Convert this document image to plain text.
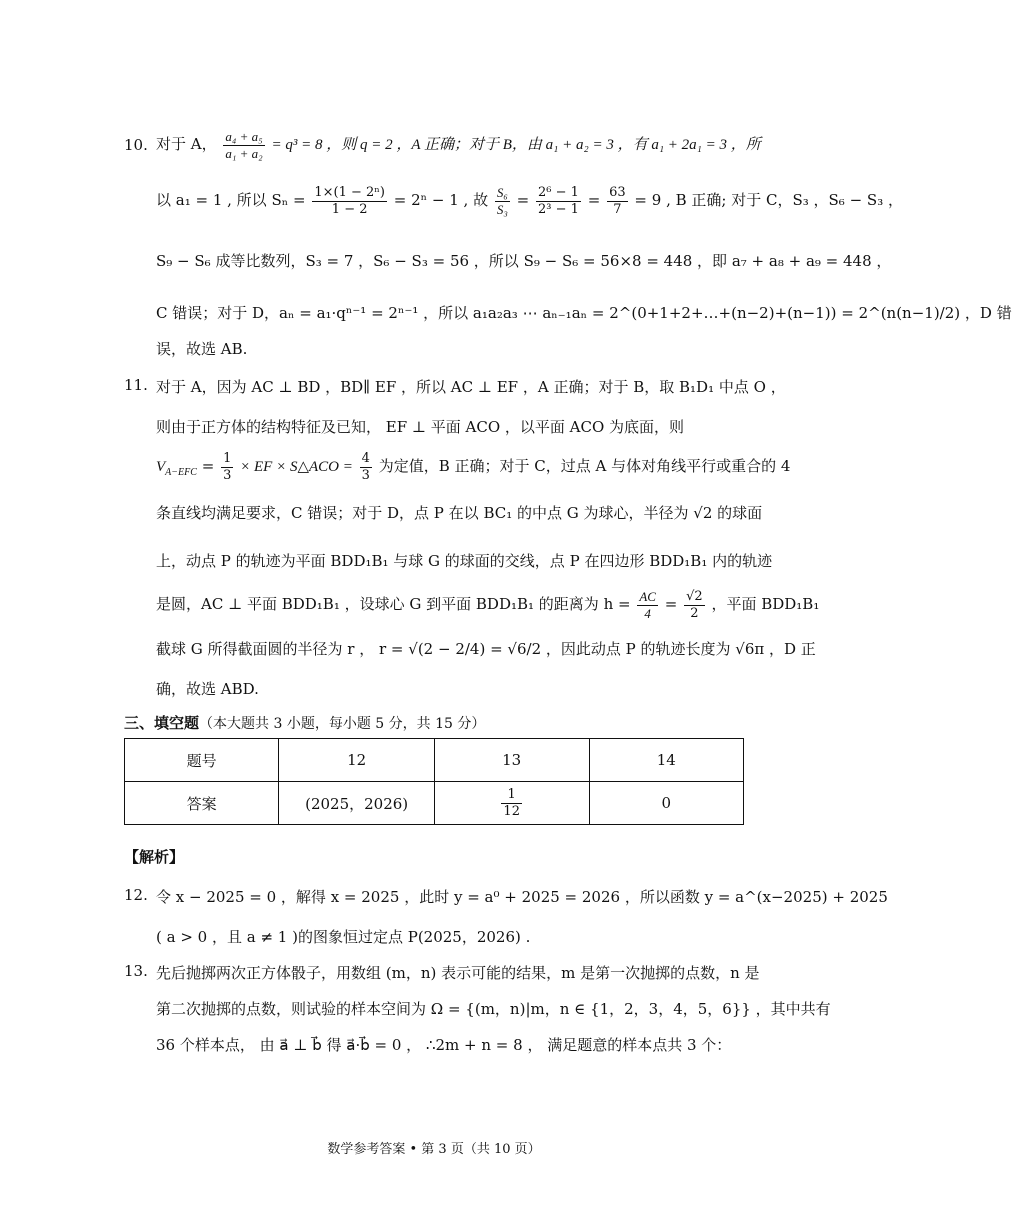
10. 对于 A， $\frac{\text{a₄ + a₅}}{\text{a₁ + a₂}} = q^3 = 8$ ，则 q = 2 ，A 正确；对于 B，由 a₁ + a₂ = 3 ，有 a₁ + 2a₁ = 3 ，所
以 a₁ = 1 , 所以 $S_n = \frac{\text{1×(1 − 2ⁿ)}}{1 - 2} = 2^n - 1$ , 故 $\frac{\text{S₆}}{\text{S₃}} = \frac{\text{2⁶ − 1}}{\text{2³ − 1}} = \frac{63}{7} = 9$ , B 正确; 对于 C，S₃ ，S₆ − S₃ ，
S₉ − S₆ 成等比数列，S₃ = 7 ，S₆ − S₃ = 56 ，所以 S₉ − S₆ = 56×8 = 448 ，即 a₇ + a₈ + a₉ = 448 ，
C 错误；对于 D，aₙ = a₁·qⁿ⁻¹ = 2ⁿ⁻¹ ，所以 a₁a₂a₃ ⋯ aₙ₋₁aₙ = 2^(0+1+2+…+(n−2)+(n−1)) = 2^(n(n−1)/2) ，D 错
误，故选 AB.
11. 对于 A，因为 AC ⊥ BD ，BD∥ EF ，所以 AC ⊥ EF ，A 正确；对于 B，取 B₁D₁ 中点 O ，
则由于正方体的结构特征及已知， EF ⊥ 平面 ACO ，以平面 ACO 为底面，则
$V_{A-EFC} = \frac{1}{3}$ × EF × S△ACO = $\frac{4}{3}$ 为定值，B 正确；对于 C，过点 A 与体对角线平行或重合的 4
条直线均满足要求，C 错误；对于 D，点 P 在以 BC₁ 的中点 G 为球心，半径为 √2 的球面
上，动点 P 的轨迹为平面 BDD₁B₁ 与球 G 的球面的交线，点 P 在四边形 BDD₁B₁ 内的轨迹
是圆，AC ⊥ 平面 BDD₁B₁ ，设球心 G 到平面 BDD₁B₁ 的距离为 $h = \frac{AC}{4} = \frac{√2}{2}$ ，平面 BDD₁B₁
截球 G 所得截面圆的半径为 r ， r = √(2 − 2/4) = √6/2 ，因此动点 P 的轨迹长度为 √6π ，D 正
确，故选 ABD.
三、填空题（本大题共 3 小题，每小题 5 分，共 15 分）
题号	12	13	14
答案	(2025，2026)	$\frac{1}{12}$	0
【解析】
12. 令 x − 2025 = 0 ，解得 x = 2025 ，此时 y = a⁰ + 2025 = 2026 ，所以函数 y = a^(x−2025) + 2025
( a > 0 ，且 a ≠ 1 )的图象恒过定点 P(2025，2026) .
13. 先后抛掷两次正方体骰子，用数组 (m，n) 表示可能的结果，m 是第一次抛掷的点数，n 是
第二次抛掷的点数，则试验的样本空间为 Ω = {(m，n)|m，n ∈ {1，2，3，4，5，6}} ，其中共有
36 个样本点， 由 a⃗ ⊥ b⃗ 得 a⃗·b⃗ = 0 ， ∴2m + n = 8 ， 满足题意的样本点共 3 个：
数学参考答案 • 第 3 页（共 10 页）
